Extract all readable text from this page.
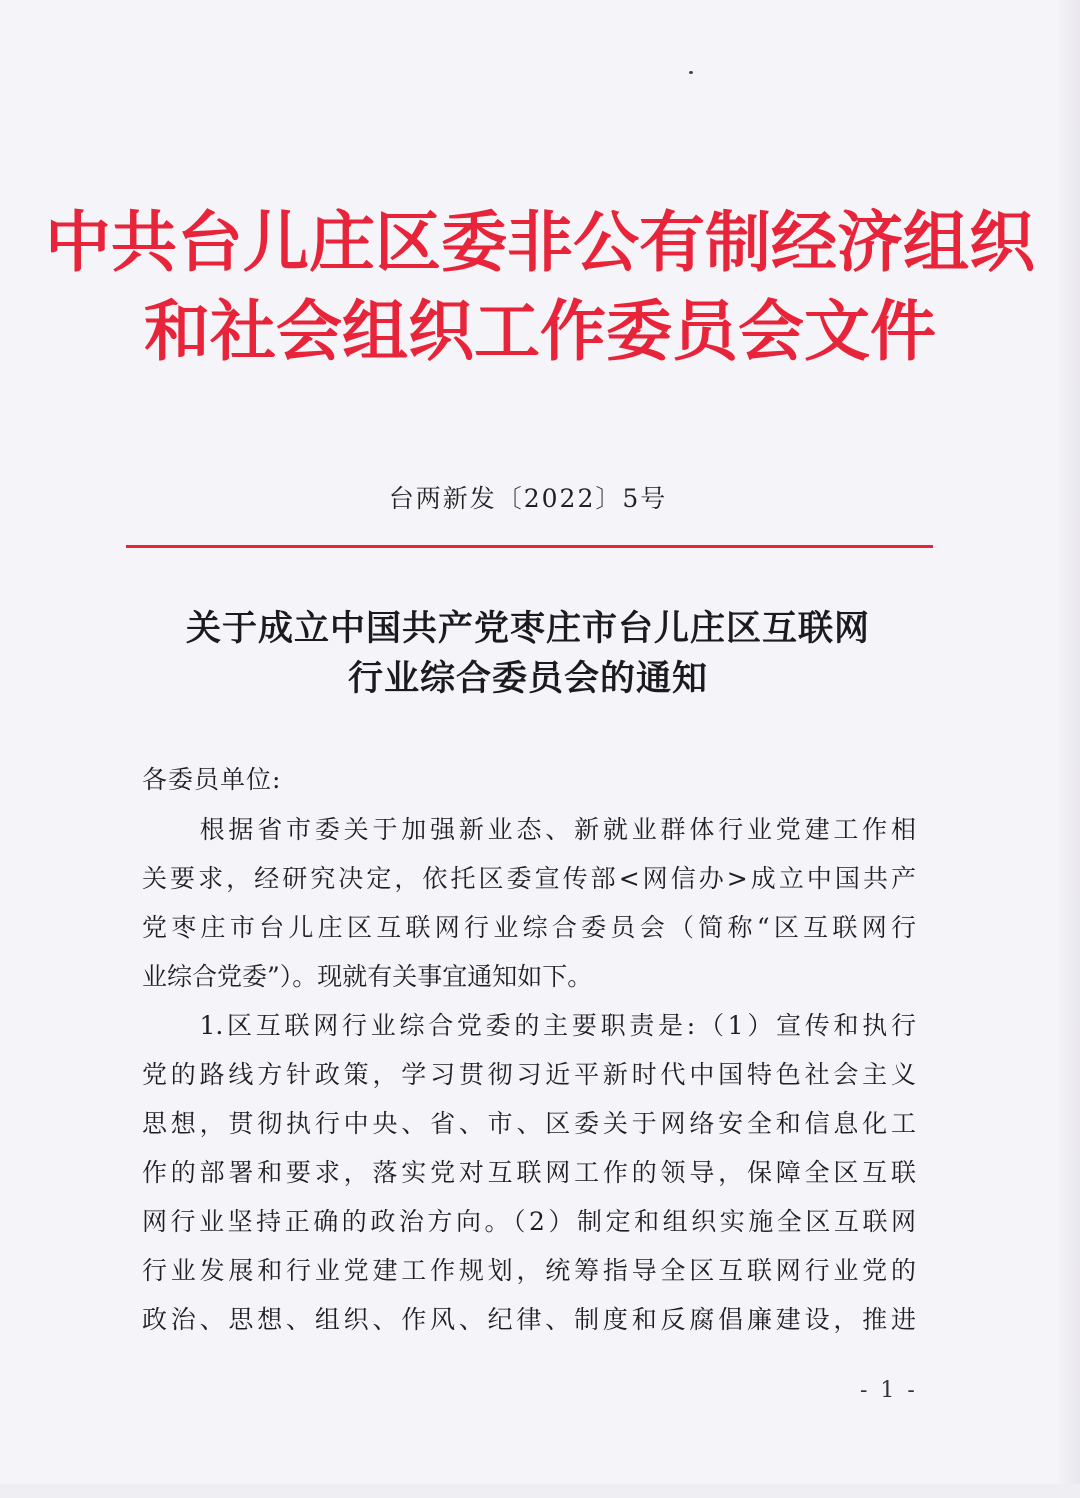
中共台儿庄区委非公有制经济组织
和社会组织工作委员会文件
台两新发〔2022〕5号
关于成立中国共产党枣庄市台儿庄区互联网
行业综合委员会的通知
各委员单位:
　　根据省市委关于加强新业态、新就业群体行业党建工作相
关要求，经研究决定，依托区委宣传部<网信办>成立中国共产
党枣庄市台儿庄区互联网行业综合委员会（简称“区互联网行
业综合党委”）。现就有关事宜通知如下。
　　1.区互联网行业综合党委的主要职责是:（1）宣传和执行
党的路线方针政策，学习贯彻习近平新时代中国特色社会主义
思想，贯彻执行中央、省、市、区委关于网络安全和信息化工
作的部署和要求，落实党对互联网工作的领导，保障全区互联
网行业坚持正确的政治方向。（2）制定和组织实施全区互联网
行业发展和行业党建工作规划，统筹指导全区互联网行业党的
政治、思想、组织、作风、纪律、制度和反腐倡廉建设，推进
- 1 -
